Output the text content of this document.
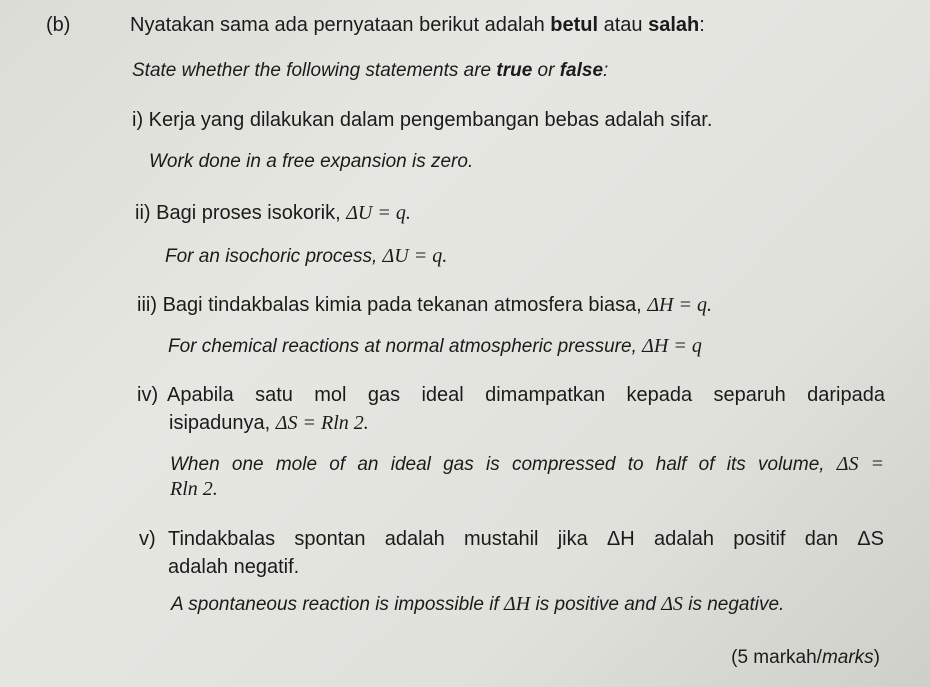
(b)	Nyatakan sama ada pernyataan berikut adalah betul atau salah:
State whether the following statements are true or false:
i) Kerja yang dilakukan dalam pengembangan bebas adalah sifar.
Work done in a free expansion is zero.
ii) Bagi proses isokorik, ΔU = q.
For an isochoric process, ΔU = q.
iii) Bagi tindakbalas kimia pada tekanan atmosfera biasa, ΔH = q.
For chemical reactions at normal atmospheric pressure, ΔH = q
iv) Apabila satu mol gas ideal dimampatkan kepada separuh daripada
isipadunya, ΔS = Rln 2.
When one mole of an ideal gas is compressed to half of its volume, ΔS =
Rln 2.
v) Tindakbalas spontan adalah mustahil jika ΔH adalah positif dan ΔS
adalah negatif.
A spontaneous reaction is impossible if ΔH is positive and ΔS is negative.
(5 markah/marks)
